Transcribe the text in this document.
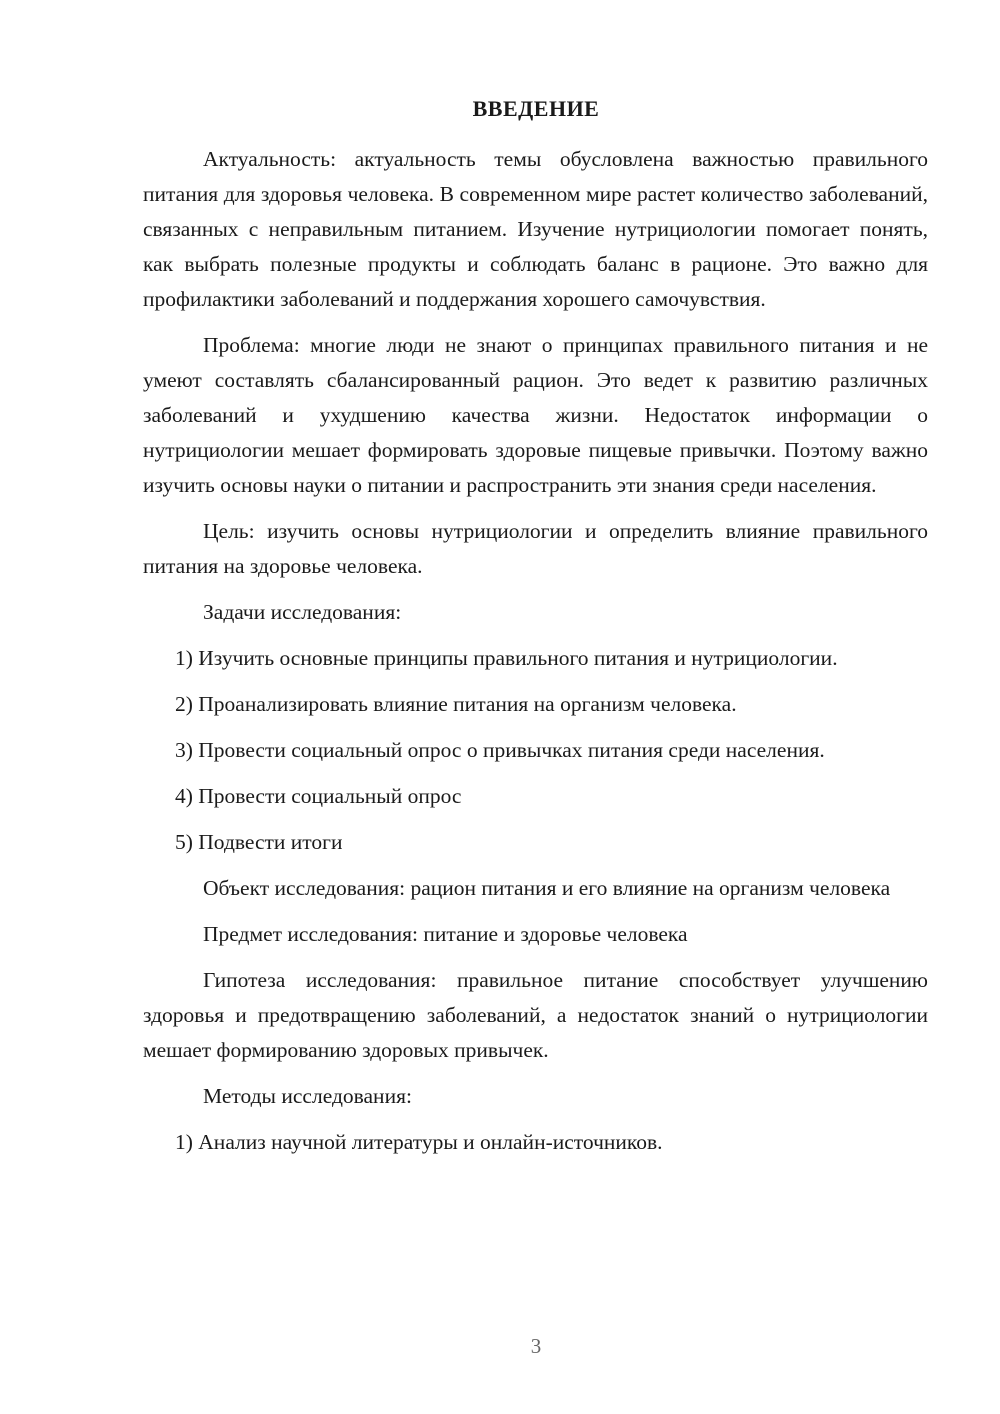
ВВЕДЕНИЕ

Актуальность: актуальность темы обусловлена важностью правильного питания для здоровья человека. В современном мире растет количество заболеваний, связанных с неправильным питанием. Изучение нутрициологии помогает понять, как выбрать полезные продукты и соблюдать баланс в рационе. Это важно для профилактики заболеваний и поддержания хорошего самочувствия.

Проблема: многие люди не знают о принципах правильного питания и не умеют составлять сбалансированный рацион. Это ведет к развитию различных заболеваний и ухудшению качества жизни. Недостаток информации о нутрициологии мешает формировать здоровые пищевые привычки. Поэтому важно изучить основы науки о питании и распространить эти знания среди населения.

Цель: изучить основы нутрициологии и определить влияние правильного питания на здоровье человека.

Задачи исследования:

1) Изучить основные принципы правильного питания и нутрициологии.

2) Проанализировать влияние питания на организм человека.

3) Провести социальный опрос о привычках питания среди населения.

4) Провести социальный опрос

5) Подвести итоги

Объект исследования: рацион питания и его влияние на организм человека

Предмет исследования: питание и здоровье человека

Гипотеза исследования: правильное питание способствует улучшению здоровья и предотвращению заболеваний, а недостаток знаний о нутрициологии мешает формированию здоровых привычек.

Методы исследования:

1) Анализ научной литературы и онлайн-источников.

3
